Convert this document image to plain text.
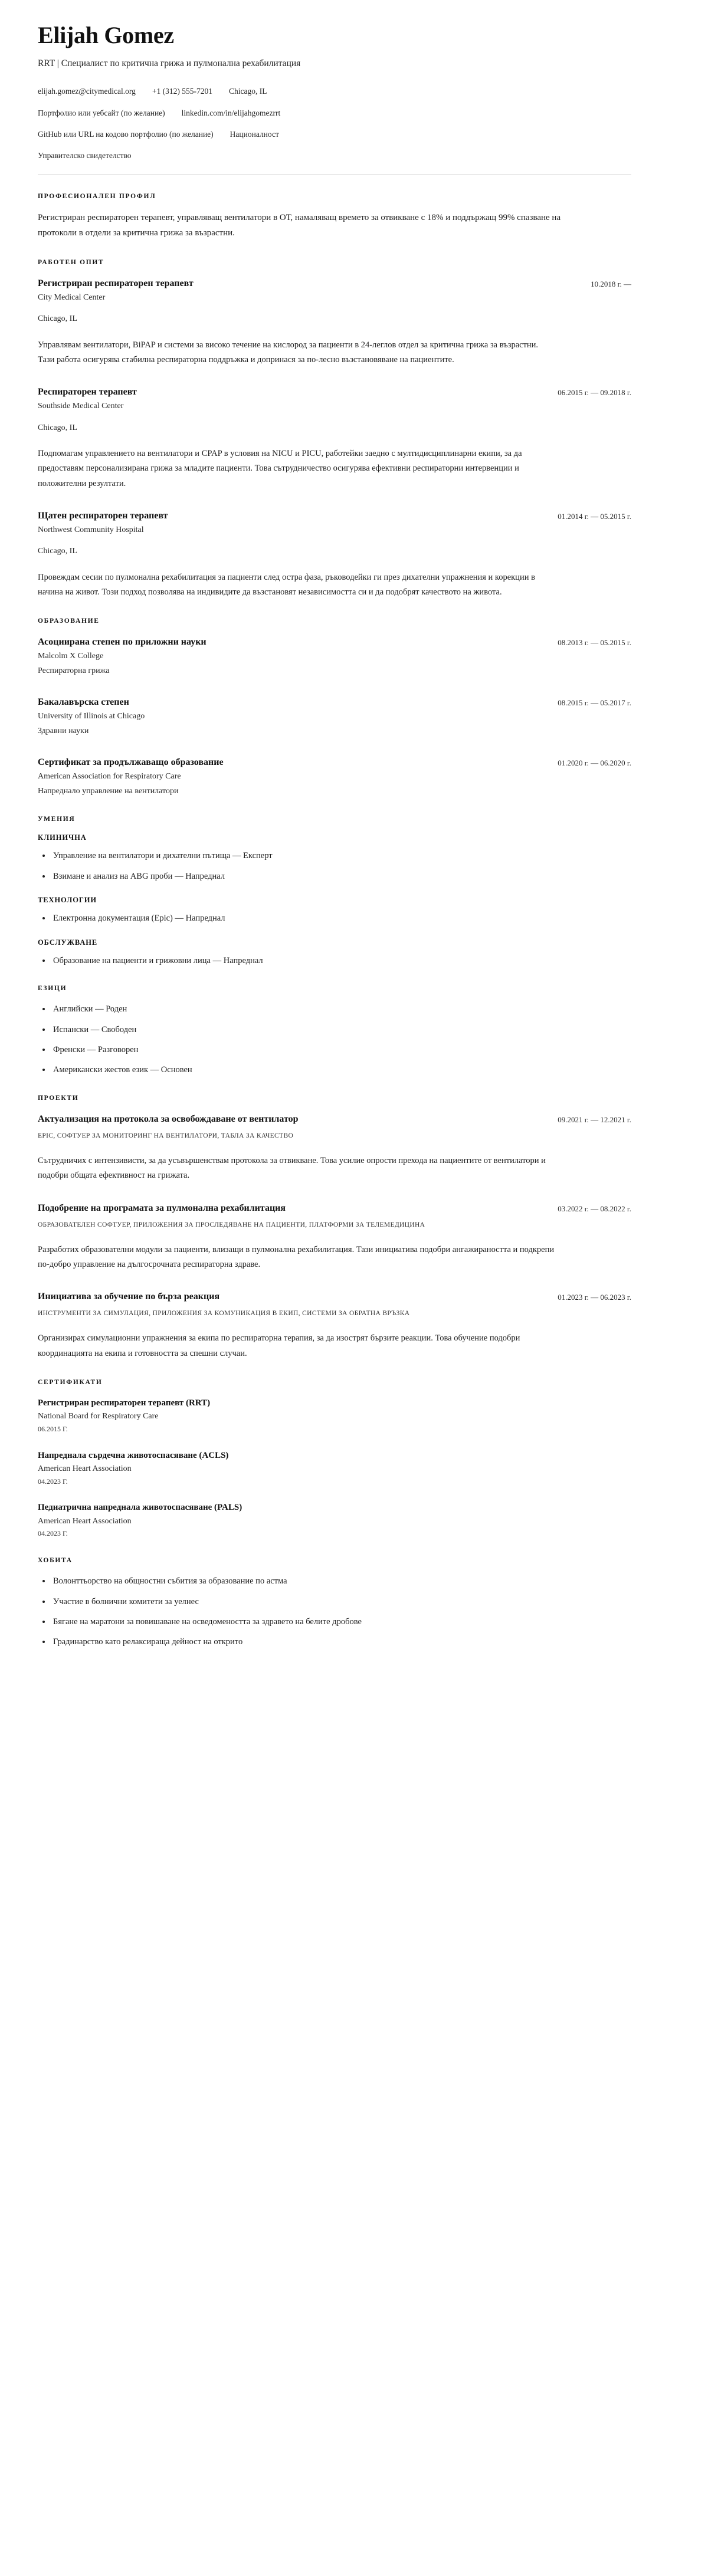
Elijah Gomez
RRT | Специалист по критична грижа и пулмонална рехабилитация
elijah.gomez@citymedical.org +1 (312) 555-7201 Chicago, IL
Портфолио или уебсайт (по желание) linkedin.com/in/elijahgomezrrt
GitHub или URL на кодово портфолио (по желание) Националност
Управителско свидетелство
ПРОФЕСИОНАЛЕН ПРОФИЛ

Регистриран респираторен терапевт, управляващ вентилатори в ОТ, намаляващ времето за отвикване с 18% и поддържащ 99% спазване на протоколи в отдели за критична грижа за възрастни.

РАБОТЕН ОПИТ
Регистриран респираторен терапевт	10.2018 г. —
City Medical Center
Chicago, IL

Управлявам вентилатори, BiPAP и системи за високо течение на кислород за пациенти в 24-леглов отдел за критична грижа за възрастни. Тази работа осигурява стабилна респираторна поддръжка и допринася за по-лесно възстановяване на пациентите.

Респираторен терапевт	06.2015 г. — 09.2018 г.
Southside Medical Center
Chicago, IL

Подпомагам управлението на вентилатори и CPAP в условия на NICU и PICU, работейки заедно с мултидисциплинарни екипи, за да предоставям персонализирана грижа за младите пациенти. Това сътрудничество осигурява ефективни респираторни интервенции и положителни резултати.

Щатен респираторен терапевт	01.2014 г. — 05.2015 г.
Northwest Community Hospital
Chicago, IL

Провеждам сесии по пулмонална рехабилитация за пациенти след остра фаза, ръководейки ги през дихателни упражнения и корекции в начина на живот. Този подход позволява на индивидите да възстановят независимостта си и да подобрят качеството на живота.

ОБРАЗОВАНИЕ
Асоциирана степен по приложни науки	08.2013 г. — 05.2015 г.
Malcolm X College
Респираторна грижа
Бакалавърска степен	08.2015 г. — 05.2017 г.
University of Illinois at Chicago
Здравни науки
Сертификат за продължаващо образование	01.2020 г. — 06.2020 г.
American Association for Respiratory Care
Напреднало управление на вентилатори
УМЕНИЯ
КЛИНИЧНА
Управление на вентилатори и дихателни пътища — Експерт
Взимане и анализ на ABG проби — Напреднал
ТЕХНОЛОГИИ
Електронна документация (Epic) — Напреднал
ОБСЛУЖВАНЕ
Образование на пациенти и грижовни лица — Напреднал
ЕЗИЦИ
Английски — Роден
Испански — Свободен
Френски — Разговорен
Американски жестов език — Основен
ПРОЕКТИ
Актуализация на протокола за освобождаване от вентилатор	09.2021 г. — 12.2021 г.
EPIC, СОФТУЕР ЗА МОНИТОРИНГ НА ВЕНТИЛАТОРИ, ТАБЛА ЗА КАЧЕСТВО

Сътрудничих с интензивисти, за да усъвършенствам протокола за отвикване. Това усилие опрости прехода на пациентите от вентилатори и подобри общата ефективност на грижата.

Подобрение на програмата за пулмонална рехабилитация	03.2022 г. — 08.2022 г.
ОБРАЗОВАТЕЛЕН СОФТУЕР, ПРИЛОЖЕНИЯ ЗА ПРОСЛЕДЯВАНЕ НА ПАЦИЕНТИ, ПЛАТФОРМИ ЗА ТЕЛЕМЕДИЦИНА

Разработих образователни модули за пациенти, влизащи в пулмонална рехабилитация. Тази инициатива подобри ангажираността и подкрепи по-добро управление на дългосрочната респираторна здраве.

Инициатива за обучение по бърза реакция	01.2023 г. — 06.2023 г.
ИНСТРУМЕНТИ ЗА СИМУЛАЦИЯ, ПРИЛОЖЕНИЯ ЗА КОМУНИКАЦИЯ В ЕКИП, СИСТЕМИ ЗА ОБРАТНА ВРЪЗКА

Организирах симулационни упражнения за екипа по респираторна терапия, за да изострят бързите реакции. Това обучение подобри координацията на екипа и готовността за спешни случаи.

СЕРТИФИКАТИ
Регистриран респираторен терапевт (RRT)
National Board for Respiratory Care
06.2015 Г.
Напреднала сърдечна животоспасяване (ACLS)
American Heart Association
04.2023 Г.
Педиатрична напреднала животоспасяване (PALS)
American Heart Association
04.2023 Г.
ХОБИТА
Волонттьорство на общностни събития за образование по астма
Участие в болнични комитети за уелнес
Бягане на маратони за повишаване на осведомеността за здравето на белите дробове
Градинарство като релаксираща дейност на открито
